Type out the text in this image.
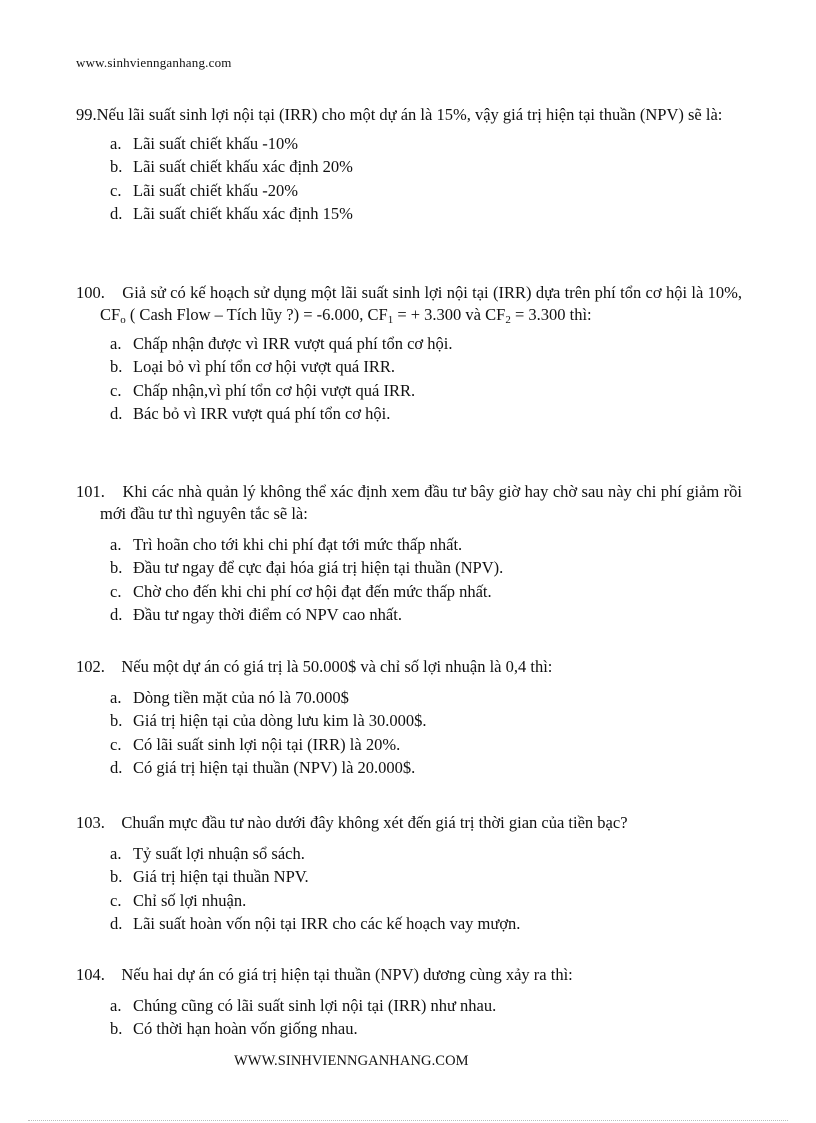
www.sinhviennganhang.com
99.Nếu lãi suất sinh lợi nội tại (IRR) cho một dự án là 15%, vậy giá trị hiện tại thuần (NPV) sẽ là:
a. Lãi suất chiết khấu -10%
b. Lãi suất chiết khấu xác định 20%
c. Lãi suất chiết khấu -20%
d. Lãi suất chiết khấu xác định 15%
100. Giả sử có kế hoạch sử dụng một lãi suất sinh lợi nội tại (IRR) dựa trên phí tổn cơ hội là 10%, $CF_o$ ( Cash Flow – Tích lũy ?) = -6.000, $CF_1$ = + 3.300 và $CF_2 = 3.300$ thì:
a. Chấp nhận được vì IRR vượt quá phí tổn cơ hội.
b. Loại bỏ vì phí tổn cơ hội vượt quá IRR.
c. Chấp nhận,vì phí tổn cơ hội vượt quá IRR.
d. Bác bỏ vì IRR vượt quá phí tổn cơ hội.
101. Khi các nhà quản lý không thể xác định xem đầu tư bây giờ hay chờ sau này chi phí giảm rồi mới đầu tư thì nguyên tắc sẽ là:
a. Trì hoãn cho tới khi chi phí đạt tới mức thấp nhất.
b. Đầu tư ngay để cực đại hóa giá trị hiện tại thuần (NPV).
c. Chờ cho đến khi chi phí cơ hội đạt đến mức thấp nhất.
d. Đầu tư ngay thời điểm có NPV cao nhất.
102. Nếu một dự án có giá trị là 50.000$ và chỉ số lợi nhuận là 0,4 thì:
a. Dòng tiền mặt của nó là 70.000$
b. Giá trị hiện tại của dòng lưu kim là 30.000$.
c. Có lãi suất sinh lợi nội tại (IRR) là 20%.
d. Có giá trị hiện tại thuần (NPV) là 20.000$.
103. Chuẩn mực đầu tư nào dưới đây không xét đến giá trị thời gian của tiền bạc?
a. Tỷ suất lợi nhuận sổ sách.
b. Giá trị hiện tại thuần NPV.
c. Chỉ số lợi nhuận.
d. Lãi suất hoàn vốn nội tại IRR cho các kế hoạch vay mượn.
104. Nếu hai dự án có giá trị hiện tại thuần (NPV) dương cùng xảy ra thì:
a. Chúng cũng có lãi suất sinh lợi nội tại (IRR) như nhau.
b. Có thời hạn hoàn vốn giống nhau.
WWW.SINHVIENNGANHANG.COM
